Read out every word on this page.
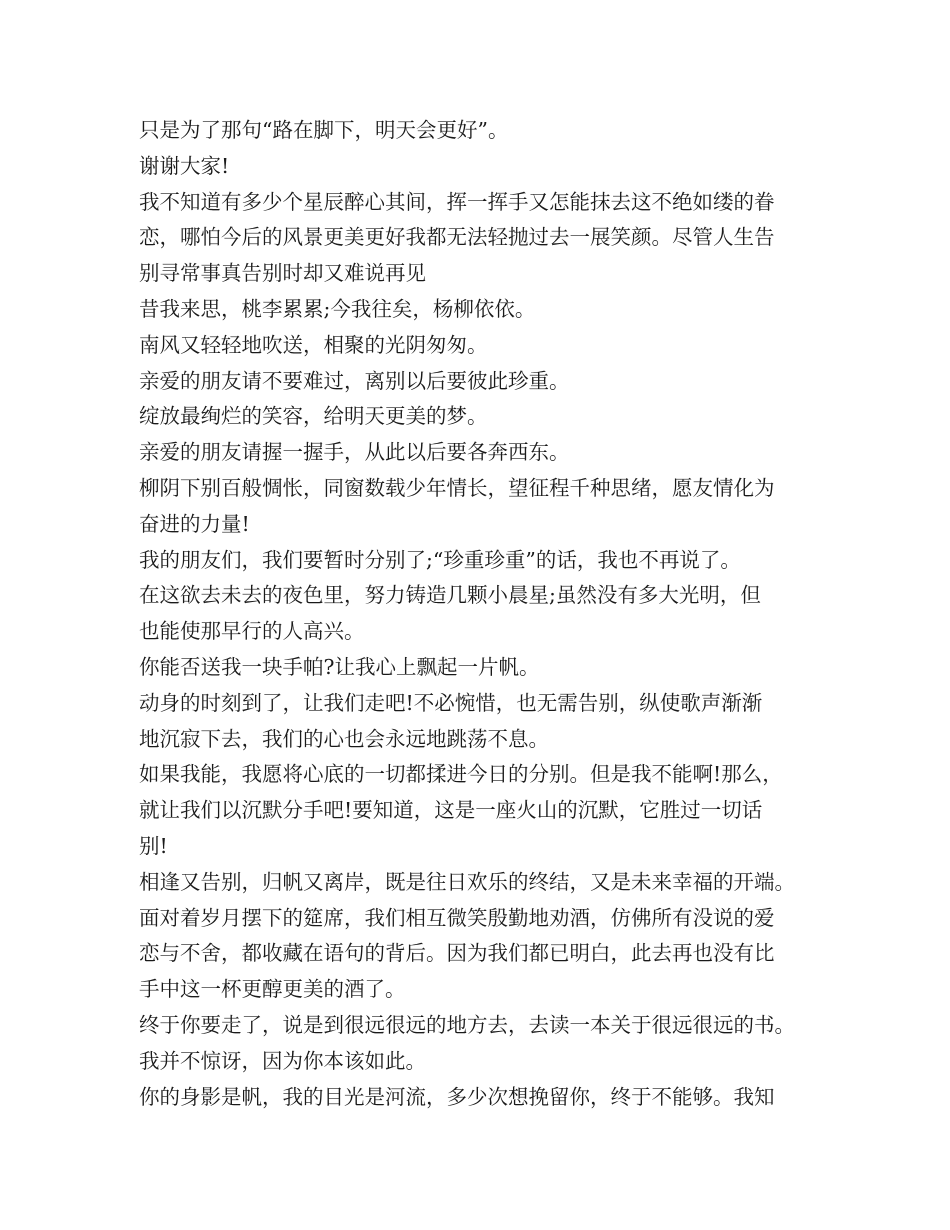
只是为了那句“路在脚下，明天会更好”。
谢谢大家!
我不知道有多少个星辰醉心其间，挥一挥手又怎能抹去这不绝如缕的眷
恋，哪怕今后的风景更美更好我都无法轻抛过去一展笑颜。尽管人生告
别寻常事真告别时却又难说再见
昔我来思，桃李累累;今我往矣，杨柳依依。
南风又轻轻地吹送，相聚的光阴匆匆。
亲爱的朋友请不要难过，离别以后要彼此珍重。
绽放最绚烂的笑容，给明天更美的梦。
亲爱的朋友请握一握手，从此以后要各奔西东。
柳阴下别百般惆怅，同窗数载少年情长，望征程千种思绪，愿友情化为
奋进的力量!
我的朋友们，我们要暂时分别了;“珍重珍重”的话，我也不再说了。
在这欲去未去的夜色里，努力铸造几颗小晨星;虽然没有多大光明，但
也能使那早行的人高兴。
你能否送我一块手帕?让我心上飘起一片帆。
动身的时刻到了，让我们走吧!不必惋惜，也无需告别，纵使歌声渐渐
地沉寂下去，我们的心也会永远地跳荡不息。
如果我能，我愿将心底的一切都揉进今日的分别。但是我不能啊!那么，
就让我们以沉默分手吧!要知道，这是一座火山的沉默，它胜过一切话
别!
相逢又告别，归帆又离岸，既是往日欢乐的终结，又是未来幸福的开端。
面对着岁月摆下的筵席，我们相互微笑殷勤地劝酒，仿佛所有没说的爱
恋与不舍，都收藏在语句的背后。因为我们都已明白，此去再也没有比
手中这一杯更醇更美的酒了。
终于你要走了，说是到很远很远的地方去，去读一本关于很远很远的书。
我并不惊讶，因为你本该如此。
你的身影是帆，我的目光是河流，多少次想挽留你，终于不能够。我知
